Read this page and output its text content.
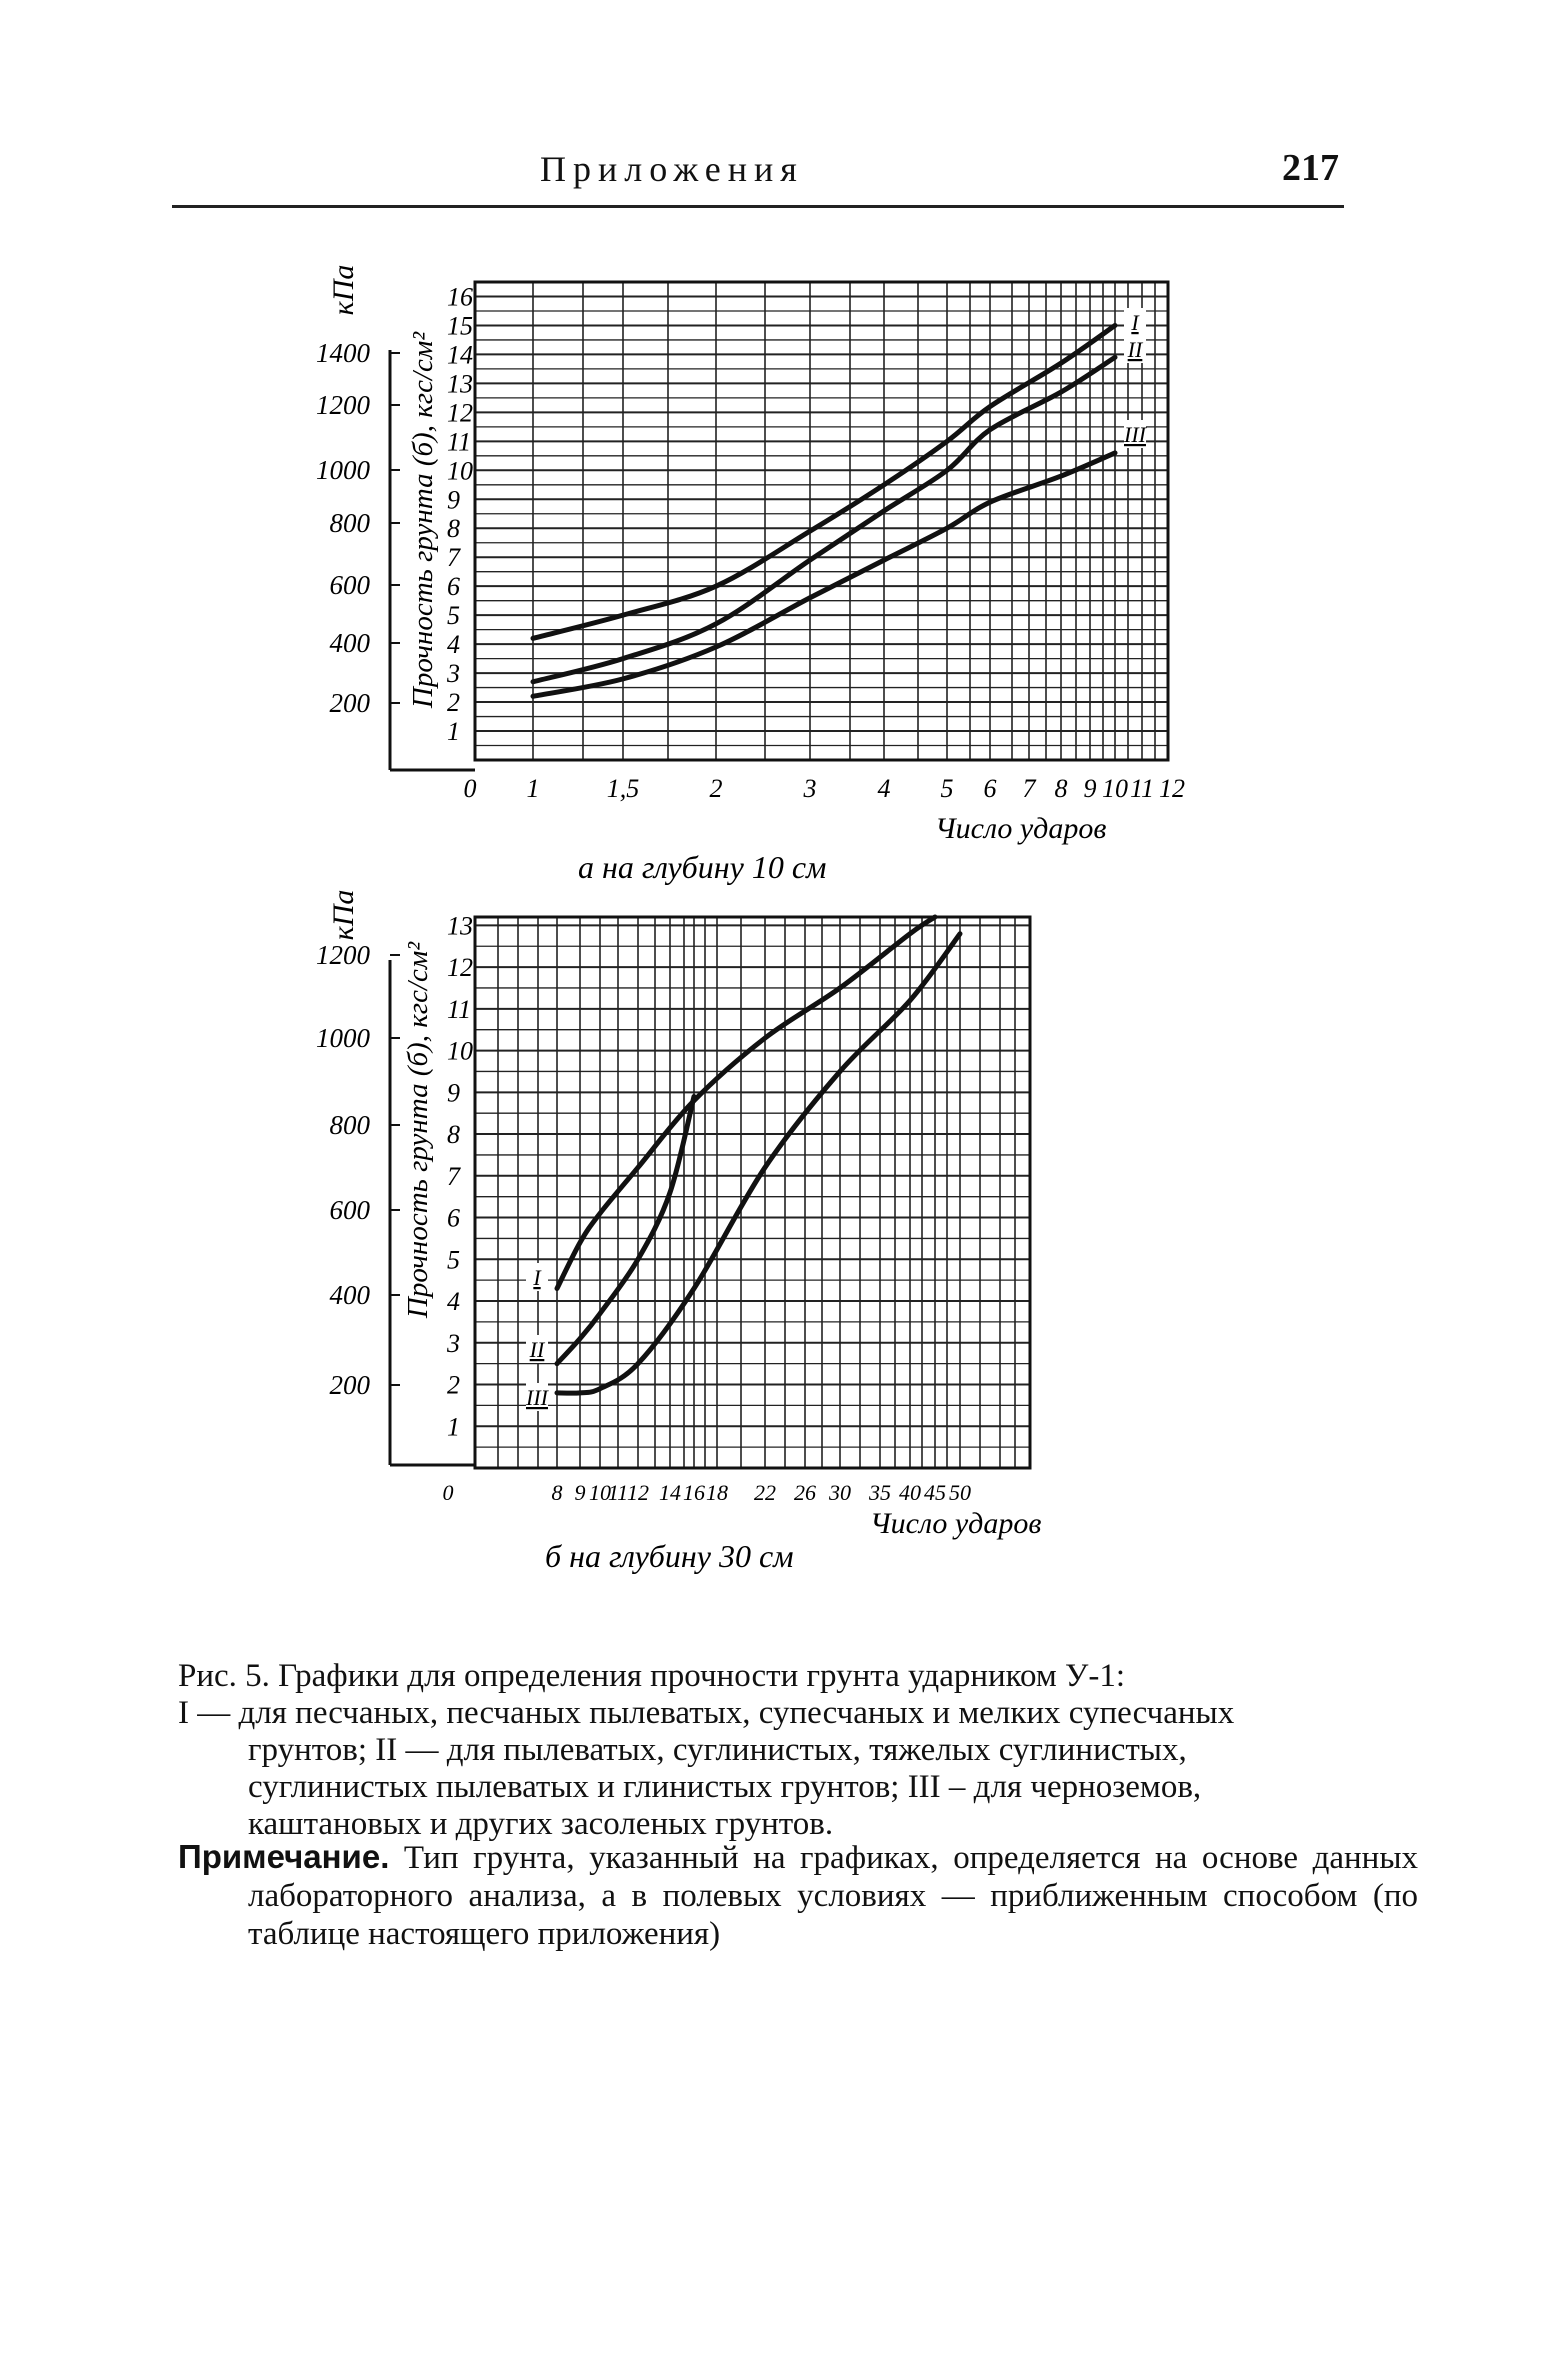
Приложения	217
1
2
3
4
5
6
7
8
9
10
11
12
13
14
15
16
200
400
600
800
1000
1200
1400 Прочность грунта (б), кгс/см²
кПа
0 1	1,5	2	3 4 5 6 7 8 9 10 11 12
Число ударов
а на глубину 10 см
I
II
III
1
2
3
4
5
6
7
8
9
10
11
12
13
200
400
800
1000
1200
600 Прочность грунта (б), кгс/см²
кПа
0	8 9 10
11
12 14 16 18 22 26 30 35 40 45 50
Число ударов
б на глубину 30 см
I
II
III

Рис. 5. Графики для определения прочности грунта ударником У-1:

I — для песчаных, песчаных пылеватых, супесчаных и мелких супесчаных грунтов; II — для пылеватых, суглинистых, тяжелых суглинистых, суглинистых пылеватых и глинистых грунтов; III – для черноземов, каштановых и других засоленых грунтов.

Примечание. Тип грунта, указанный на графиках, определяется на основе данных лабораторного анализа, а в полевых условиях — приближенным способом (по таблице настоящего приложения)
